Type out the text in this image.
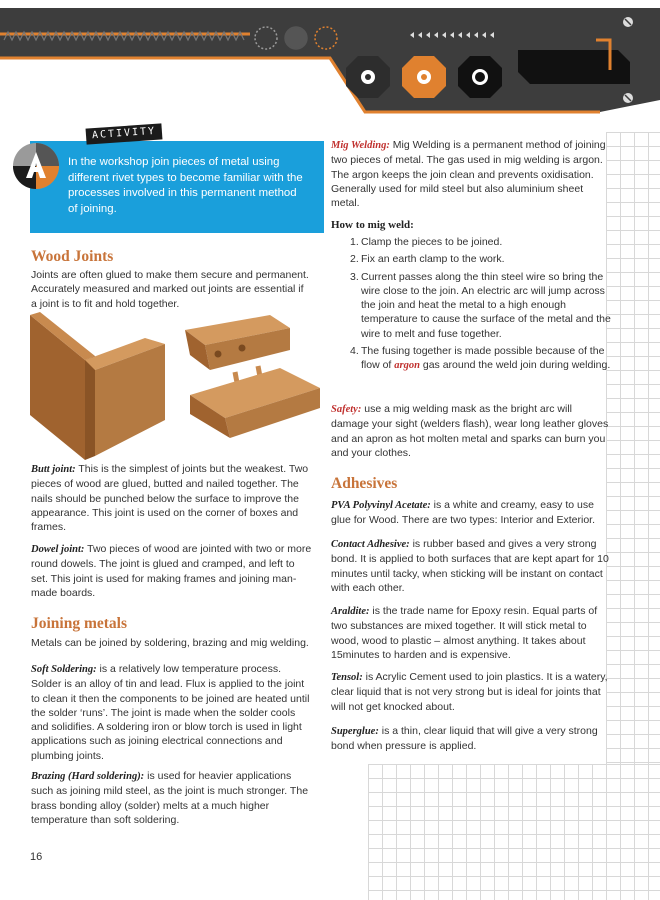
ACTIVITY
In the workshop join pieces of metal using different rivet types to become familiar with the processes involved in this permanent method of joining.
Wood Joints

Joints are often glued to make them secure and permanent. Accurately measured and marked out joints are essential if a joint is to fit and hold together.

Butt joint: This is the simplest of joints but the weakest. Two pieces of wood are glued, butted and nailed together. The nails should be punched below the surface to improve the appearance. This joint is used on the corner of boxes and frames.

Dowel joint: Two pieces of wood are jointed with two or more round dowels. The joint is glued and cramped, and left to set. This joint is used for making frames and joining man-made boards.

Joining metals

Metals can be joined by soldering, brazing and mig welding.

Soft Soldering: is a relatively low temperature process. Solder is an alloy of tin and lead. Flux is applied to the joint to clean it then the components to be joined are heated until the solder ‘runs’. The joint is made when the solder cools and solidifies. A soldering iron or blow torch is used in light applications such as joining electrical connections and plumbing joints.

Brazing (Hard soldering): is used for heavier applications such as joining mild steel, as the joint is much stronger. The brass bonding alloy (solder) melts at a much higher temperature than soft soldering.

16

Mig Welding: Mig Welding is a permanent method of joining two pieces of metal. The gas used in mig welding is argon. The argon keeps the join clean and prevents oxidisation. Generally used for mild steel but also aluminium sheet metal.

How to mig weld:

1. Clamp the pieces to be joined.
2. Fix an earth clamp to the work.
3. Current passes along the thin steel wire so bring the wire close to the join. An electric arc will jump across the join and heat the metal to a high enough temperature to cause the surface of the metal and the wire to melt and fuse together.
4. The fusing together is made possible because of the flow of argon gas around the weld join during welding.

Safety: use a mig welding mask as the bright arc will damage your sight (welders flash), wear long leather gloves and an apron as hot molten metal and sparks can burn you and your clothes.

Adhesives

PVA Polyvinyl Acetate: is a white and creamy, easy to use glue for Wood. There are two types: Interior and Exterior.

Contact Adhesive: is rubber based and gives a very strong bond. It is applied to both surfaces that are kept apart for 10 minutes until tacky, when sticking will be instant on contact with each other.

Araldite: is the trade name for Epoxy resin. Equal parts of two substances are mixed together. It will stick metal to wood, wood to plastic – almost anything. It takes about 15minutes to harden and is expensive.

Tensol: is Acrylic Cement used to join plastics. It is a watery, clear liquid that is not very strong but is ideal for joints that will not get knocked about.

Superglue: is a thin, clear liquid that will give a very strong bond when pressure is applied.
